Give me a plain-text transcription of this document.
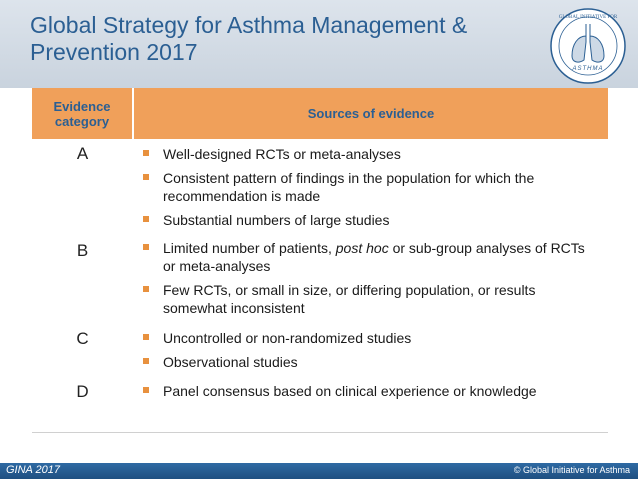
Global Strategy for Asthma Management &
Prevention 2017
GLOBAL INITIATIVE FOR
ASTHMA
Evidence category	Sources of evidence
A	Well-designed RCTs or meta-analyses
Consistent pattern of findings in the population for which the recommendation is made
Substantial numbers of large studies

B	Limited number of patients, post hoc or sub-group analyses of RCTs or meta-analyses
Few RCTs, or small in size, or differing population, or results somewhat inconsistent

C	Uncontrolled or non-randomized studies
Observational studies

D	Panel consensus based on clinical experience or knowledge
GINA 2017	© Global Initiative for Asthma
